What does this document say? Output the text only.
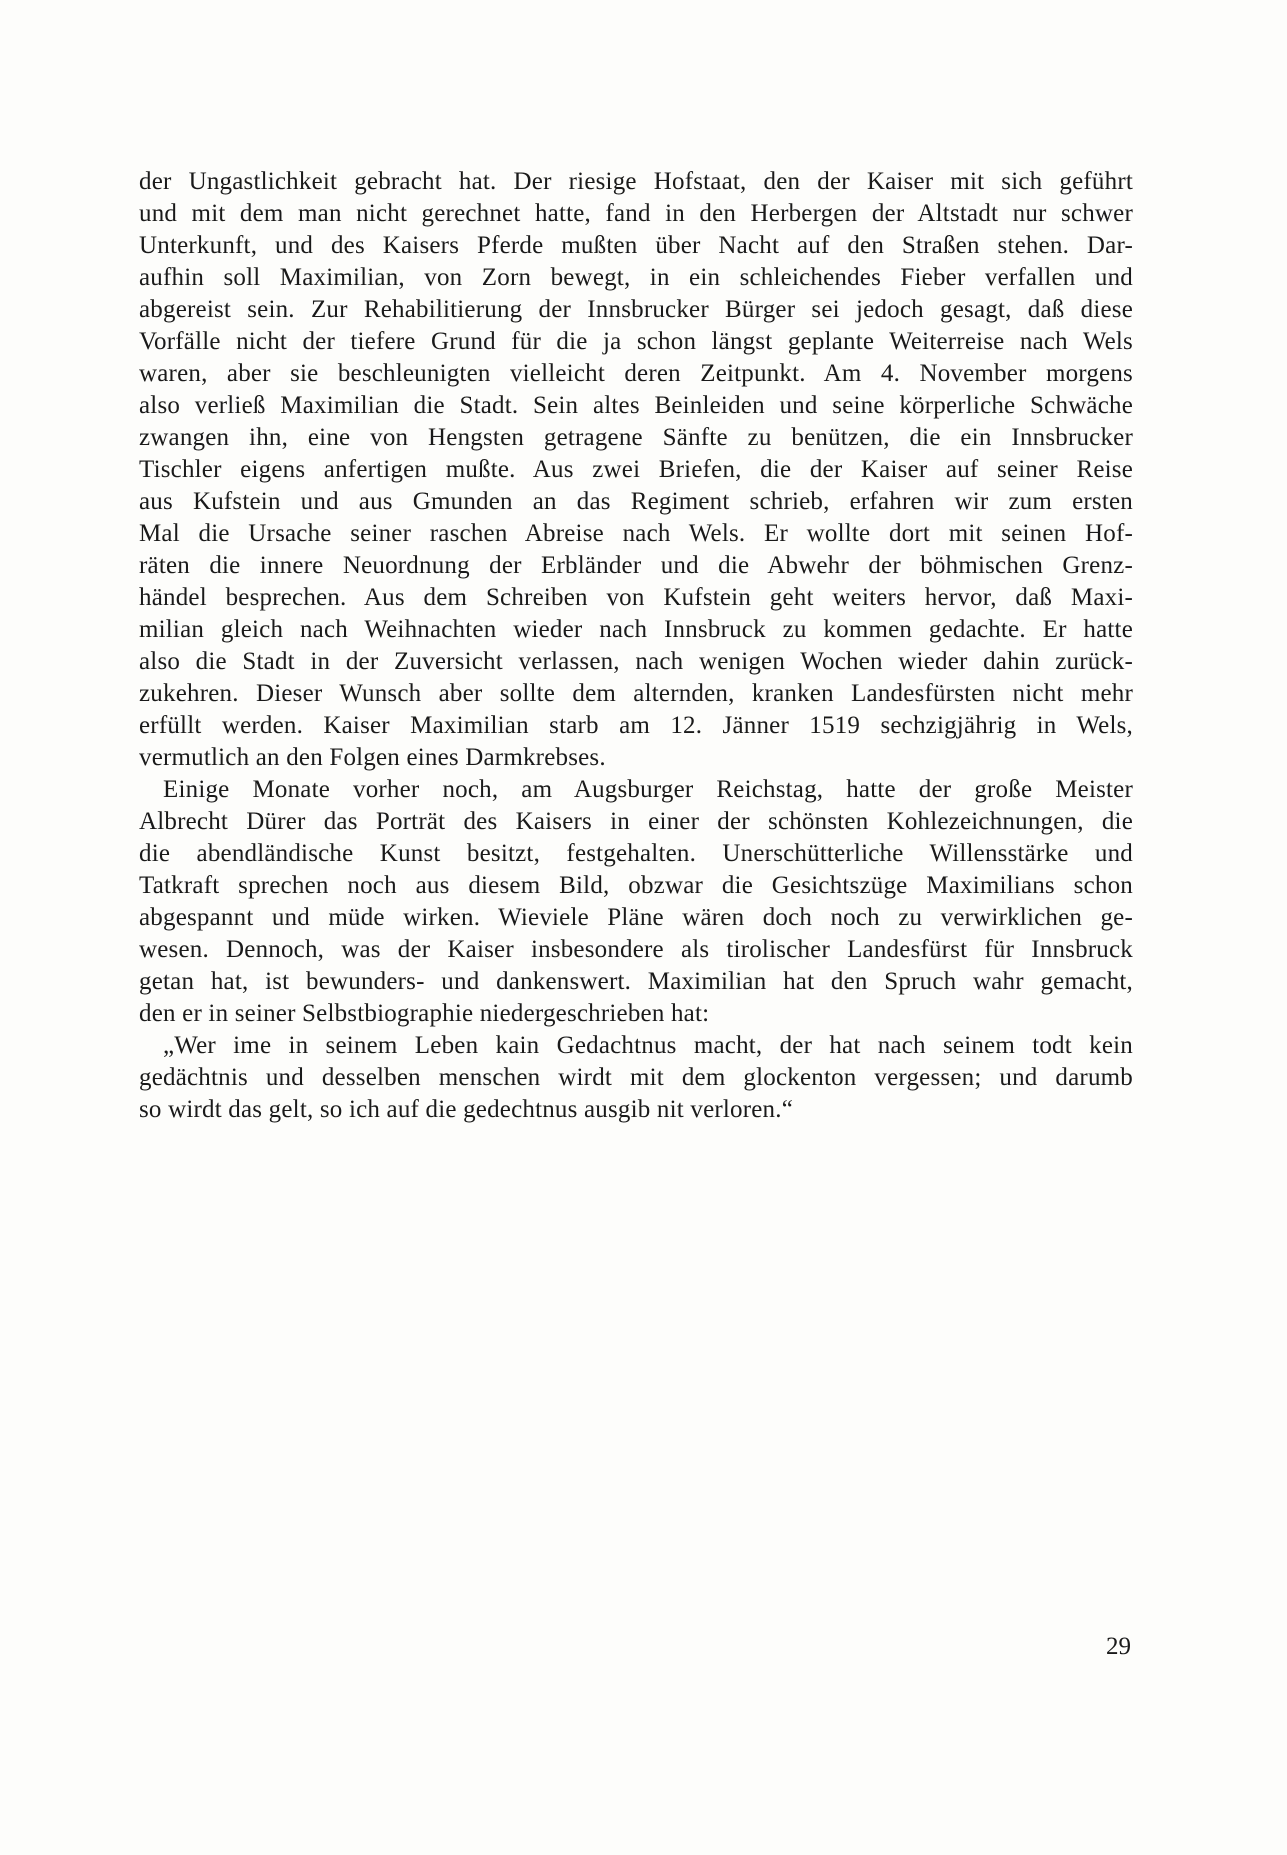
der Ungastlichkeit gebracht hat. Der riesige Hofstaat, den der Kaiser mit sich geführt
und mit dem man nicht gerechnet hatte, fand in den Herbergen der Altstadt nur schwer
Unterkunft, und des Kaisers Pferde mußten über Nacht auf den Straßen stehen. Dar-
aufhin soll Maximilian, von Zorn bewegt, in ein schleichendes Fieber verfallen und
abgereist sein. Zur Rehabilitierung der Innsbrucker Bürger sei jedoch gesagt, daß diese
Vorfälle nicht der tiefere Grund für die ja schon längst geplante Weiterreise nach Wels
waren, aber sie beschleunigten vielleicht deren Zeitpunkt. Am 4. November morgens
also verließ Maximilian die Stadt. Sein altes Beinleiden und seine körperliche Schwäche
zwangen ihn, eine von Hengsten getragene Sänfte zu benützen, die ein Innsbrucker
Tischler eigens anfertigen mußte. Aus zwei Briefen, die der Kaiser auf seiner Reise
aus Kufstein und aus Gmunden an das Regiment schrieb, erfahren wir zum ersten
Mal die Ursache seiner raschen Abreise nach Wels. Er wollte dort mit seinen Hof-
räten die innere Neuordnung der Erbländer und die Abwehr der böhmischen Grenz-
händel besprechen. Aus dem Schreiben von Kufstein geht weiters hervor, daß Maxi-
milian gleich nach Weihnachten wieder nach Innsbruck zu kommen gedachte. Er hatte
also die Stadt in der Zuversicht verlassen, nach wenigen Wochen wieder dahin zurück-
zukehren. Dieser Wunsch aber sollte dem alternden, kranken Landesfürsten nicht mehr
erfüllt werden. Kaiser Maximilian starb am 12. Jänner 1519 sechzigjährig in Wels,
vermutlich an den Folgen eines Darmkrebses.
Einige Monate vorher noch, am Augsburger Reichstag, hatte der große Meister
Albrecht Dürer das Porträt des Kaisers in einer der schönsten Kohlezeichnungen, die
die abendländische Kunst besitzt, festgehalten. Unerschütterliche Willensstärke und
Tatkraft sprechen noch aus diesem Bild, obzwar die Gesichtszüge Maximilians schon
abgespannt und müde wirken. Wieviele Pläne wären doch noch zu verwirklichen ge-
wesen. Dennoch, was der Kaiser insbesondere als tirolischer Landesfürst für Innsbruck
getan hat, ist bewunders- und dankenswert. Maximilian hat den Spruch wahr gemacht,
den er in seiner Selbstbiographie niedergeschrieben hat:
„Wer ime in seinem Leben kain Gedachtnus macht, der hat nach seinem todt kein
gedächtnis und desselben menschen wirdt mit dem glockenton vergessen; und darumb
so wirdt das gelt, so ich auf die gedechtnus ausgib nit verloren.“
29
